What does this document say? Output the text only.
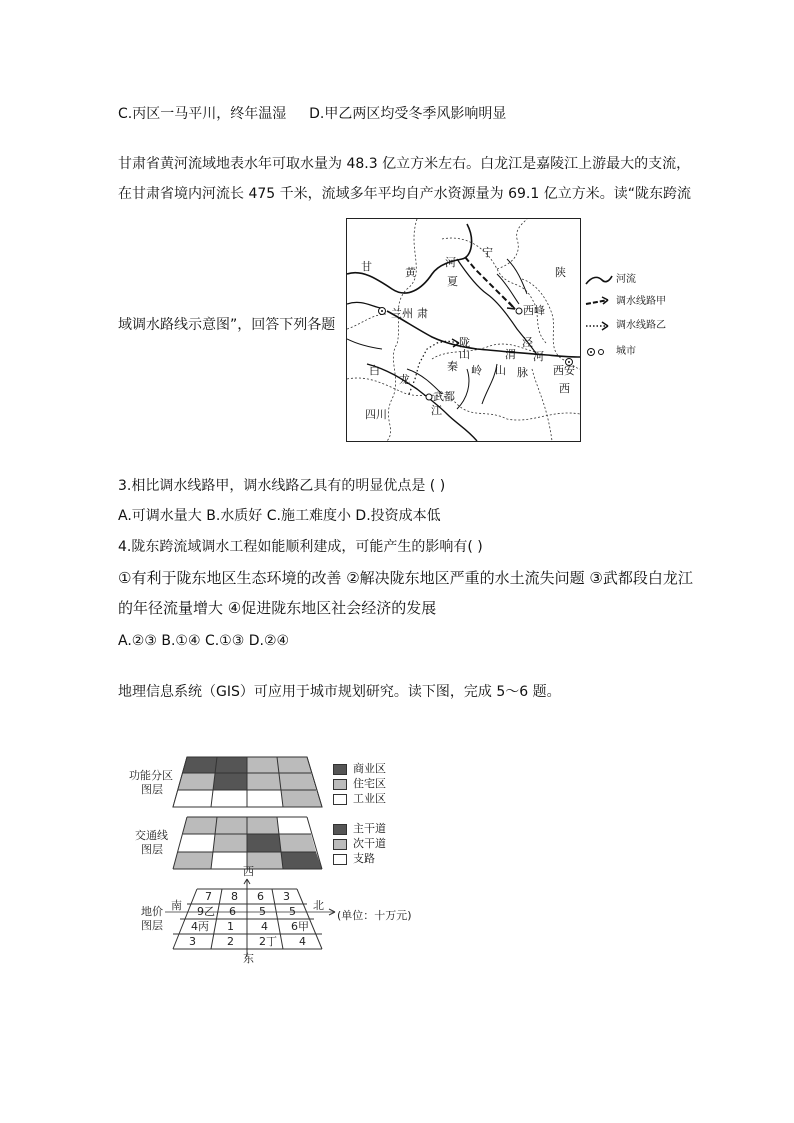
C.丙区一马平川，终年温湿 D.甲乙两区均受冬季风影响明显
甘肃省黄河流域地表水年可取水量为 48.3 亿立方米左右。白龙江是嘉陵江上游最大的支流，
在甘肃省境内河流长 475 千米，流域多年平均自产水资源量为 69.1 亿立方米。读“陇东跨流
域调水路线示意图”，回答下列各题
甘	黄
河
宁
夏
陕
兰州 肃	西峰
陇	泾
山	渭 河
西安
西
白
龙
秦 岭 山 脉
武都
江
四川
河流
调水线路甲
调水线路乙
城市
3.相比调水线路甲，调水线路乙具有的明显优点是 ( )
A.可调水量大 B.水质好 C.施工难度小 D.投资成本低
4.陇东跨流域调水工程如能顺利建成，可能产生的影响有( )
①有利于陇东地区生态环境的改善 ②解决陇东地区严重的水土流失问题 ③武都段白龙江
的年径流量增大 ④促进陇东地区社会经济的发展
A.②③ B.①④ C.①③ D.②④
地理信息系统（GIS）可应用于城市规划研究。读下图，完成 5～6 题。
功能分区
图层
交通线
图层
地价
图层
商业区
住宅区
工业区
主干道
次干道
支路
西
东
南	北
(单位：十万元)
7 8 6 3
9乙 6 5 5
4丙 1 4 6甲
3	2 2丁 4
